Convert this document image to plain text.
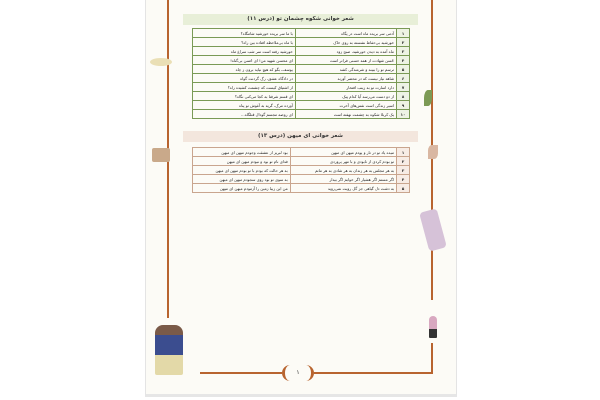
۱
شعر خوانی شکوه چشمان تو (درس ۱۱)
۱	آدمی سر بریده ماه است در پگاه	با ما سر بریده خورشید شامگاه؟
۲	خورشید بی‌حفاظ نشسته به روی خاک	با ماه بی‌ملاحظه افتاده بین راه؟
۳	ماه آمده به دیدن خورشید، صبح زود	خورشید رفته است سر شب سراغ ماه
۴	حُسن شهادت از همه حسنی فراتر است	ای محسن شهید من! ای حُسن بی‌گناه!
۵	ترسم تو را ببیند و شرمندگی کشد	یوسف، بگو که هیچ نیاید برون ز چاه
۶	شاهد نیاز نیست که در محضر آورند	در دادگاه عشق، رگ گردنت گواه
۷	دارد اسارت تو به زینب افتخار	از اشتیاق کیست که چشمت کشیده راه؟
۸	از دو دست می‌رسد آیا کدام پیک	ای قسم شرفتا به کجا می‌کنی نگاه؟
۹	اسیر زندگی است نفس‌های آخرت	آورده مرگ، گریه به آغوش تو پناه
۱۰	یک کربلا شکوه به چشمت نهفته است	ای روضه مجسم گودال قتلگاه...
شعر خوانی ای میهن (درس ۱۳)
۱	تنیده یاد تو در تار و پودم میهن ای میهن	بود لبریز از عشقت وجودم میهن ای میهن
۲	تو بودم کردی از نابودی و با مهر پروردی	فدای نام تو بود و نبودم میهن ای میهن
۳	به هر مجلس به هر زندان به هر شادی به هر ماتم	به هر حالت که بودم با تو بودم میهن ای میهن
۴	اگر مستم اگر هشیار اگر خوابم اگر بیدار	به سوی تو بود روی سجودم میهن ای میهن
۵	به دشت دل گیاهی جز گل رویت نمی‌روید	من این زیبا زمین را آزمودم میهن ای میهن
